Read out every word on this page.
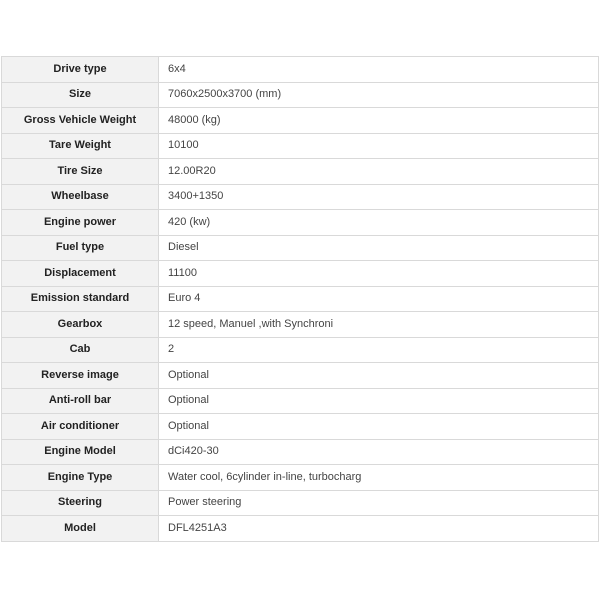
Drive type	6x4
Size	7060x2500x3700 (mm)
Gross Vehicle Weight	48000 (kg)
Tare Weight	10100
Tire Size	12.00R20
Wheelbase	3400+1350
Engine power	420 (kw)
Fuel type	Diesel
Displacement	11100
Emission standard	Euro 4
Gearbox	12 speed, Manuel ,with Synchroni
Cab	2
Reverse image	Optional
Anti-roll bar	Optional
Air conditioner	Optional
Engine Model	dCi420-30
Engine Type	Water cool, 6cylinder in-line, turbocharg
Steering	Power steering
Model	DFL4251A3
